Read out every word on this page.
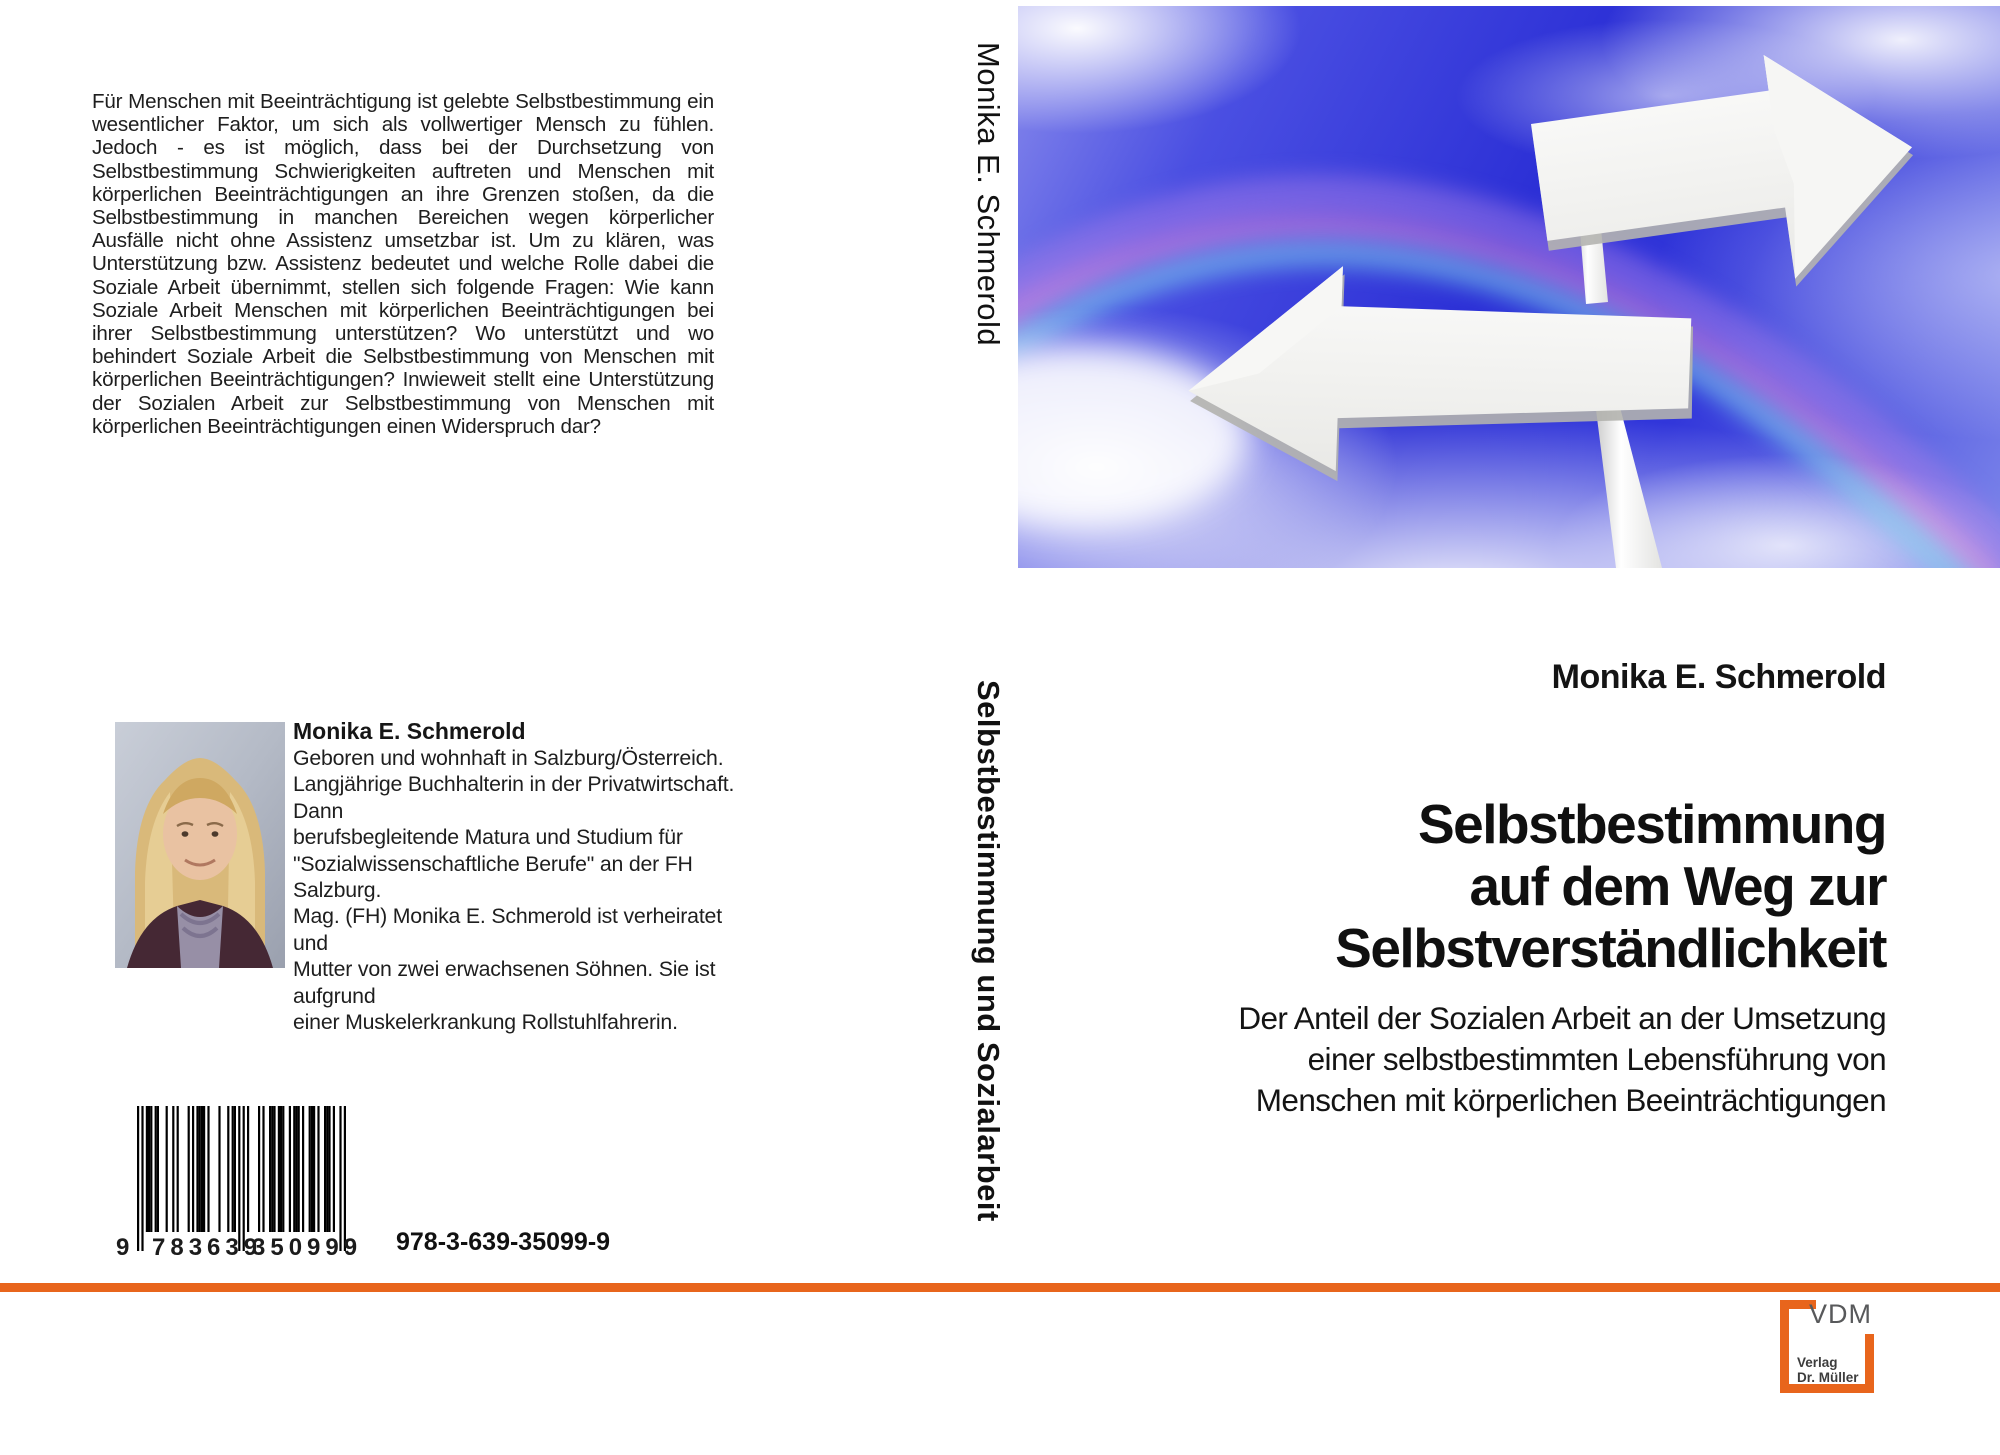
Für Menschen mit Beeinträchtigung ist gelebte Selbstbestimmung ein wesentlicher Faktor, um sich als vollwertiger Mensch zu fühlen. Jedoch - es ist möglich, dass bei der Durchsetzung von Selbstbestimmung Schwierigkeiten auftreten und Menschen mit körperlichen Beeinträchtigungen an ihre Grenzen stoßen, da die Selbstbestimmung in manchen Bereichen wegen körperlicher Ausfälle nicht ohne Assistenz umsetzbar ist. Um zu klären, was Unterstützung bzw. Assistenz bedeutet und welche Rolle dabei die Soziale Arbeit übernimmt, stellen sich folgende Fragen: Wie kann Soziale Arbeit Menschen mit körperlichen Beeinträchtigungen bei ihrer Selbstbestimmung unterstützen? Wo unterstützt und wo behindert Soziale Arbeit die Selbstbestimmung von Menschen mit körperlichen Beeinträchtigungen? Inwieweit stellt eine Unterstützung der Sozialen Arbeit zur Selbstbestimmung von Menschen mit körperlichen Beeinträchtigungen einen Widerspruch dar?
Monika E. Schmerold
Geboren und wohnhaft in Salzburg/Österreich.
Langjährige Buchhalterin in der Privatwirtschaft. Dann
berufsbegleitende Matura und Studium für
"Sozialwissenschaftliche Berufe" an der FH Salzburg.
Mag. (FH) Monika E. Schmerold ist verheiratet und
Mutter von zwei erwachsenen Söhnen. Sie ist aufgrund
einer Muskelerkrankung Rollstuhlfahrerin.
9 783639
350999 978-3-639-35099-9
Monika E. Schmerold
Selbstbestimmung und Sozialarbeit
Monika E. Schmerold
Selbstbestimmung
auf dem Weg zur
Selbstverständlichkeit
Der Anteil der Sozialen Arbeit an der Umsetzung
einer selbstbestimmten Lebensführung von
Menschen mit körperlichen Beeinträchtigungen
VDM
Verlag
Dr. Müller
